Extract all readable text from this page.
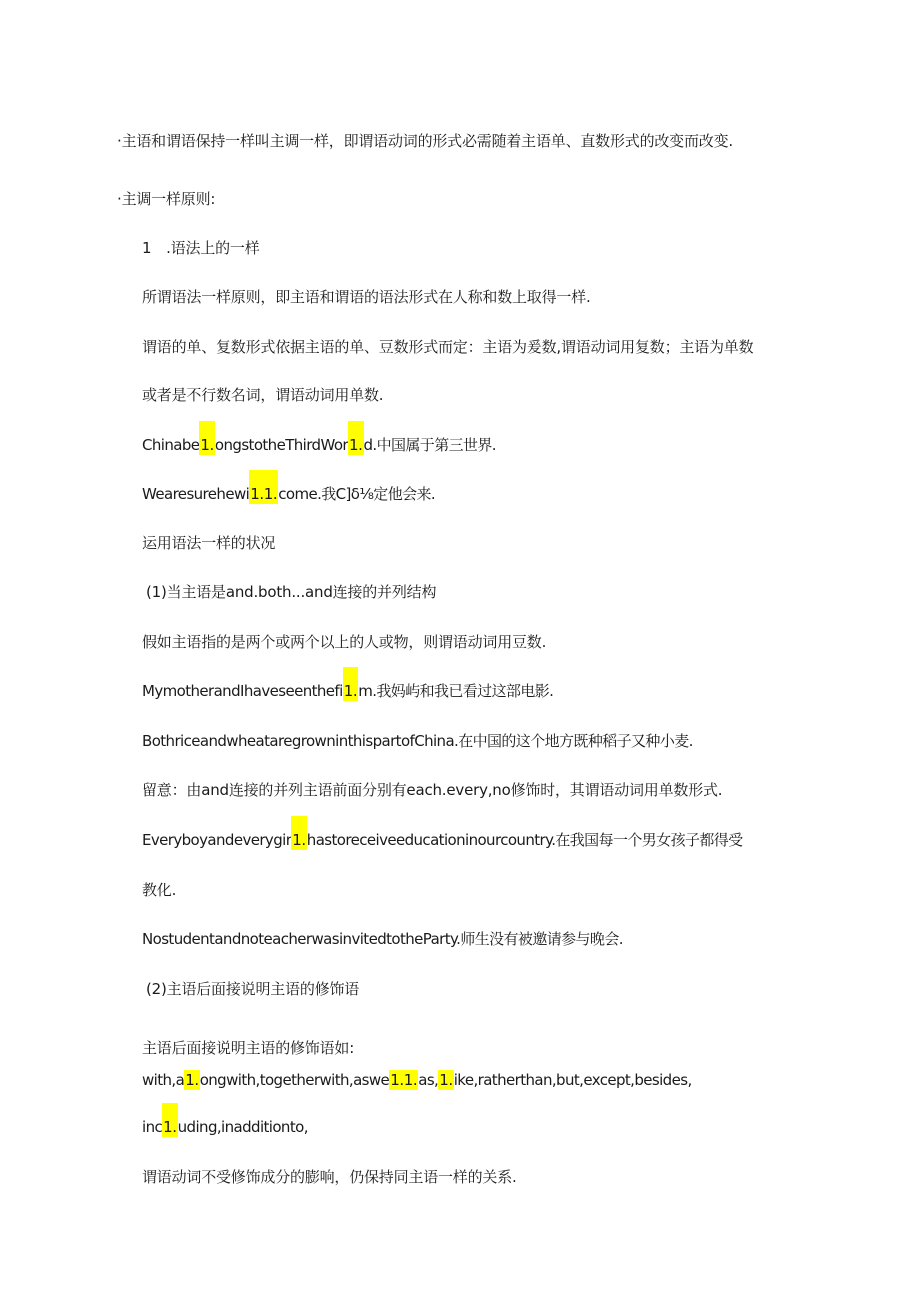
·主语和谓语保持一样叫主调一样，即谓语动词的形式必需随着主语单、直数形式的改变而改变.
·主调一样原则:
1　.语法上的一样
所谓语法一样原则，即主语和谓语的语法形式在人称和数上取得一样.
谓语的单、复数形式依据主语的单、豆数形式而定：主语为爰数,谓语动词用复数；主语为单数
或者是不行数名词，谓语动词用单数.
Chinabe1.ongstotheThirdWor1.d.中国属于第三世界.
Wearesurehewi1.1.come.我C]δ⅛定他会来.
运用语法一样的状况
(1)当主语是and.both...and连接的并列结构
假如主语指的是两个或两个以上的人或物，则谓语动词用豆数.
MymotherandIhaveseenthefi1.m.我妈屿和我已看过这部电影.
BothriceandwheataregrowninthispartofChina.在中国的这个地方既种稻子又种小麦.
留意：由and连接的并列主语前面分别有each.every,no修饰时，其谓语动词用单数形式.
Everyboyandeverygir1.hastoreceiveeducationinourcountry.在我国每一个男女孩子都得受
教化.
NostudentandnoteacherwasinvitedtotheParty.师生没有被邀请参与晚会.
(2)主语后面接说明主语的修饰语
主语后面接说明主语的修饰语如:
with,a1.ongwith,togetherwith,aswe1.1.as,1.ike,ratherthan,but,except,besides,
inc1.uding,inadditionto,
谓语动词不受修饰成分的膨响，仍保持同主语一样的关系.
